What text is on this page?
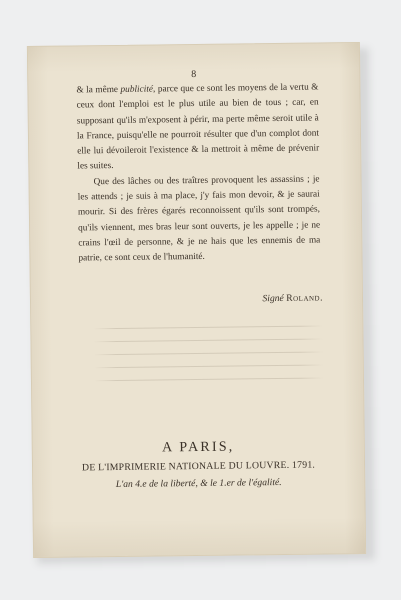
8

& la même publicité, parce que ce sont les moyens de la vertu & ceux dont l'emploi est le plus utile au bien de tous ; car, en supposant qu'ils m'exposent à périr, ma perte même seroit utile à la France, puisqu'elle ne pourroit résulter que d'un complot dont elle lui dévoileroit l'existence & la mettroit à même de prévenir les suites.

Que des lâches ou des traîtres provoquent les assassins ; je les attends ; je suis à ma place, j'y fais mon devoir, & je saurai mourir. Si des frères égarés reconnoissent qu'ils sont trompés, qu'ils viennent, mes bras leur sont ouverts, je les appelle ; je ne crains l'œil de personne, & je ne hais que les ennemis de ma patrie, ce sont ceux de l'humanité.

Signé Roland.
A PARIS,
DE L'IMPRIMERIE NATIONALE DU LOUVRE. 1791.
L'an 4.e de la liberté, & le 1.er de l'égalité.
